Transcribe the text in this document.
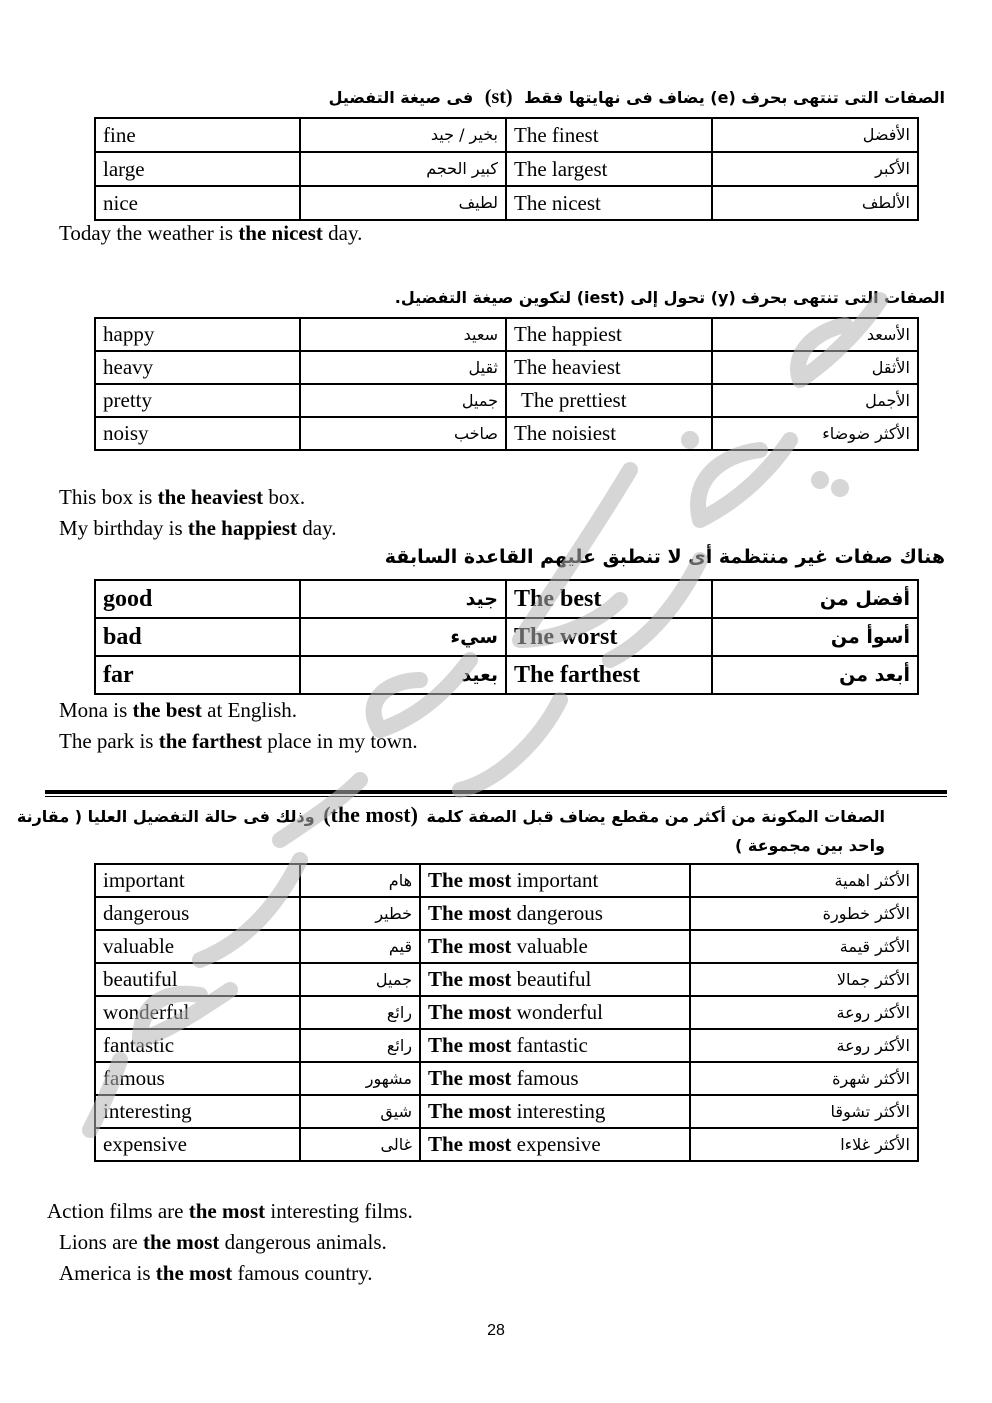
الصفات التى تنتهى بحرف (e) يضاف فى نهايتها فقط (st) فى صيغة التفضيل
fine	بخير / جيد	The finest	الأفضل
large	كبير الحجم	The largest	الأكبر
nice	لطيف	The nicest	الألطف
Today the weather is the nicest day.
الصفات التى تنتهى بحرف (y) تحول إلى (iest) لتكوين صيغة التفضيل.
happy	سعيد	The happiest	الأسعد
heavy	ثقيل	The heaviest	الأثقل
pretty	جميل	The prettiest	الأجمل
noisy	صاخب	The noisiest	الأكثر ضوضاء
This box is the heaviest box.
My birthday is the happiest day.
هناك صفات غير منتظمة أى لا تنطبق عليهم القاعدة السابقة
good	جيد	The best	أفضل من
bad	سيء	The worst	أسوأ من
far	بعيد	The farthest	أبعد من
Mona is the best at English.
The park is the farthest place in my town.
الصفات المكونة من أكثر من مقطع يضاف قبل الصفة كلمة (the most) وذلك فى حالة التفضيل العليا ( مقارنة
واحد بين مجموعة )
important	هام	The most important	الأكثر اهمية
dangerous	خطير	The most dangerous	الأكثر خطورة
valuable	قيم	The most valuable	الأكثر قيمة
beautiful	جميل	The most beautiful	الأكثر جمالا
wonderful	رائع	The most wonderful	الأكثر روعة
fantastic	رائع	The most fantastic	الأكثر روعة
famous	مشهور	The most famous	الأكثر شهرة
interesting	شيق	The most interesting	الأكثر تشوقا
expensive	غالى	The most expensive	الأكثر غلاءا
Action films are the most interesting films.
Lions are the most dangerous animals.
America is the most famous country.
28
